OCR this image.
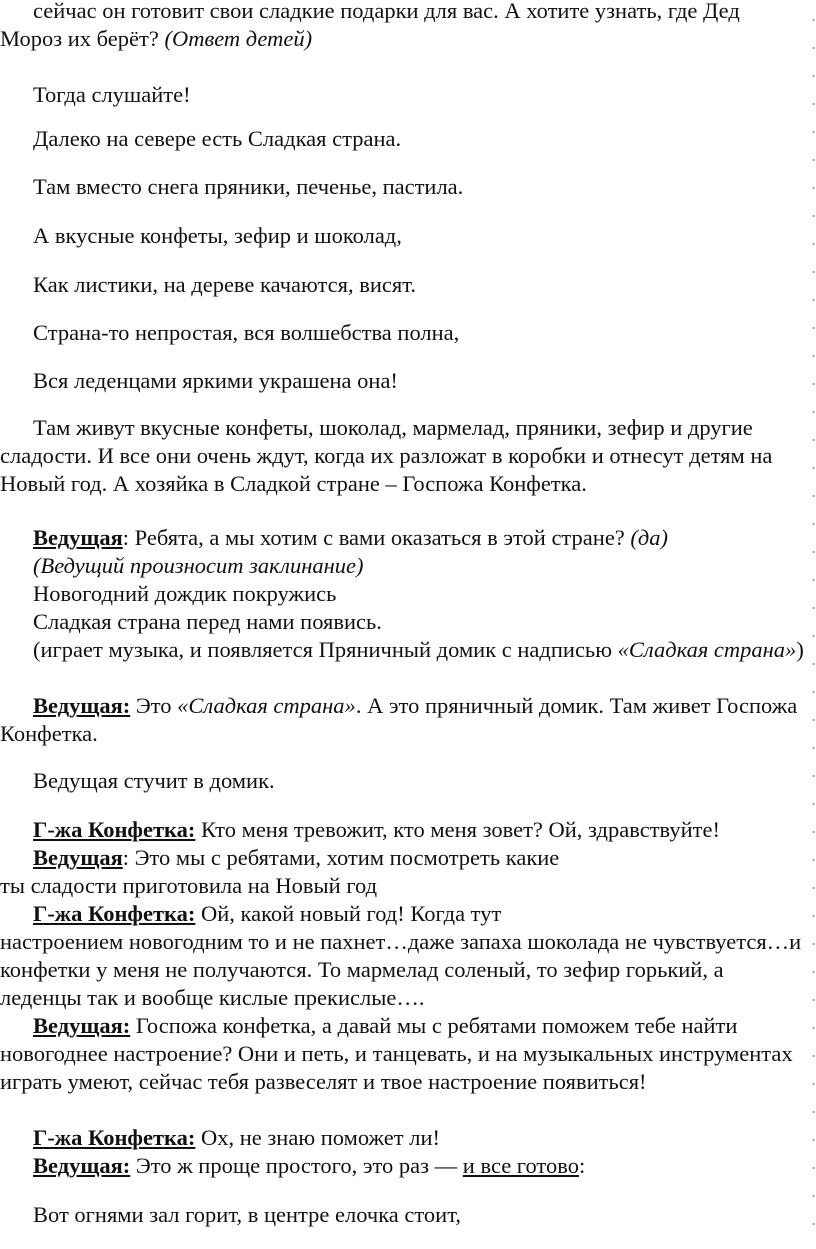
сейчас он готовит свои сладкие подарки для вас. А хотите узнать, где Дед Мороз их берёт? (Ответ детей)

Тогда слушайте!

Далеко на севере есть Сладкая страна.

Там вместо снега пряники, печенье, пастила.

А вкусные конфеты, зефир и шоколад,

Как листики, на дереве качаются, висят.

Страна-то непростая, вся волшебства полна,

Вся леденцами яркими украшена она!

Там живут вкусные конфеты, шоколад, мармелад, пряники, зефир и другие сладости. И все они очень ждут, когда их разложат в коробки и отнесут детям на Новый год. А хозяйка в Сладкой стране – Госпожа Конфетка.

Ведущая: Ребята, а мы хотим с вами оказаться в этой стране? (да)

(Ведущий произносит заклинание)

Новогодний дождик покружись

Сладкая страна перед нами появись.

(играет музыка, и появляется Пряничный домик с надписью «Сладкая страна»)

Ведущая: Это «Сладкая страна». А это пряничный домик. Там живет Госпожа Конфетка.

Ведущая стучит в домик.

Г-жа Конфетка: Кто меня тревожит, кто меня зовет? Ой, здравствуйте!

Ведущая: Это мы с ребятами, хотим посмотреть какие

ты сладости приготовила на Новый год

Г-жа Конфетка: Ой, какой новый год! Когда тут

настроением новогодним то и не пахнет…даже запаха шоколада не чувствуется…и конфетки у меня не получаются. То мармелад соленый, то зефир горький, а леденцы так и вообще кислые прекислые….

Ведущая: Госпожа конфетка, а давай мы с ребятами поможем тебе найти новогоднее настроение? Они и петь, и танцевать, и на музыкальных инструментах играть умеют, сейчас тебя развеселят и твое настроение появиться!

Г-жа Конфетка: Ох, не знаю поможет ли!

Ведущая: Это ж проще простого, это раз — и все готово:

Вот огнями зал горит, в центре елочка стоит,
